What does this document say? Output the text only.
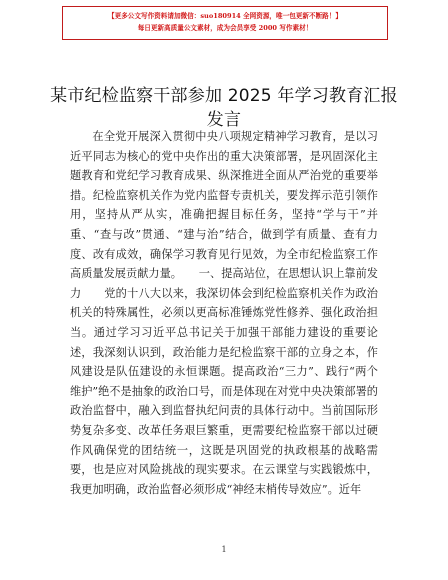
【更多公文写作资料请加微信：suo180914 全网资源，唯一包更新不断路！】
每日更新高质量公文素材，成为会员享受 2000 写作素材！
某市纪检监察干部参加 2025 年学习教育汇报发言

在全党开展深入贯彻中央八项规定精神学习教育，是以习近平同志为核心的党中央作出的重大决策部署，是巩固深化主题教育和党纪学习教育成果、纵深推进全面从严治党的重要举措。纪检监察机关作为党内监督专责机关，要发挥示范引领作用，坚持从严从实，准确把握目标任务，坚持“学与干”并重、“查与改”贯通、“建与治”结合，做到学有质量、查有力度、改有成效，确保学习教育见行见效，为全市纪检监察工作高质量发展贡献力量。　　一、提高站位，在思想认识上靠前发力　　党的十八大以来，我深切体会到纪检监察机关作为政治机关的特殊属性，必须以更高标准锤炼党性修养、强化政治担当。通过学习习近平总书记关于加强干部能力建设的重要论述，我深刻认识到，政治能力是纪检监察干部的立身之本，作风建设是队伍建设的永恒课题。提高政治“三力”、践行“两个维护”绝不是抽象的政治口号，而是体现在对党中央决策部署的政治监督中，融入到监督执纪问责的具体行动中。当前国际形势复杂多变、改革任务艰巨繁重，更需要纪检监察干部以过硬作风确保党的团结统一，这既是巩固党的执政根基的战略需要，也是应对风险挑战的现实要求。在云课堂与实践锻炼中，我更加明确，政治监督必须形成“神经末梢传导效应”。近年

1
